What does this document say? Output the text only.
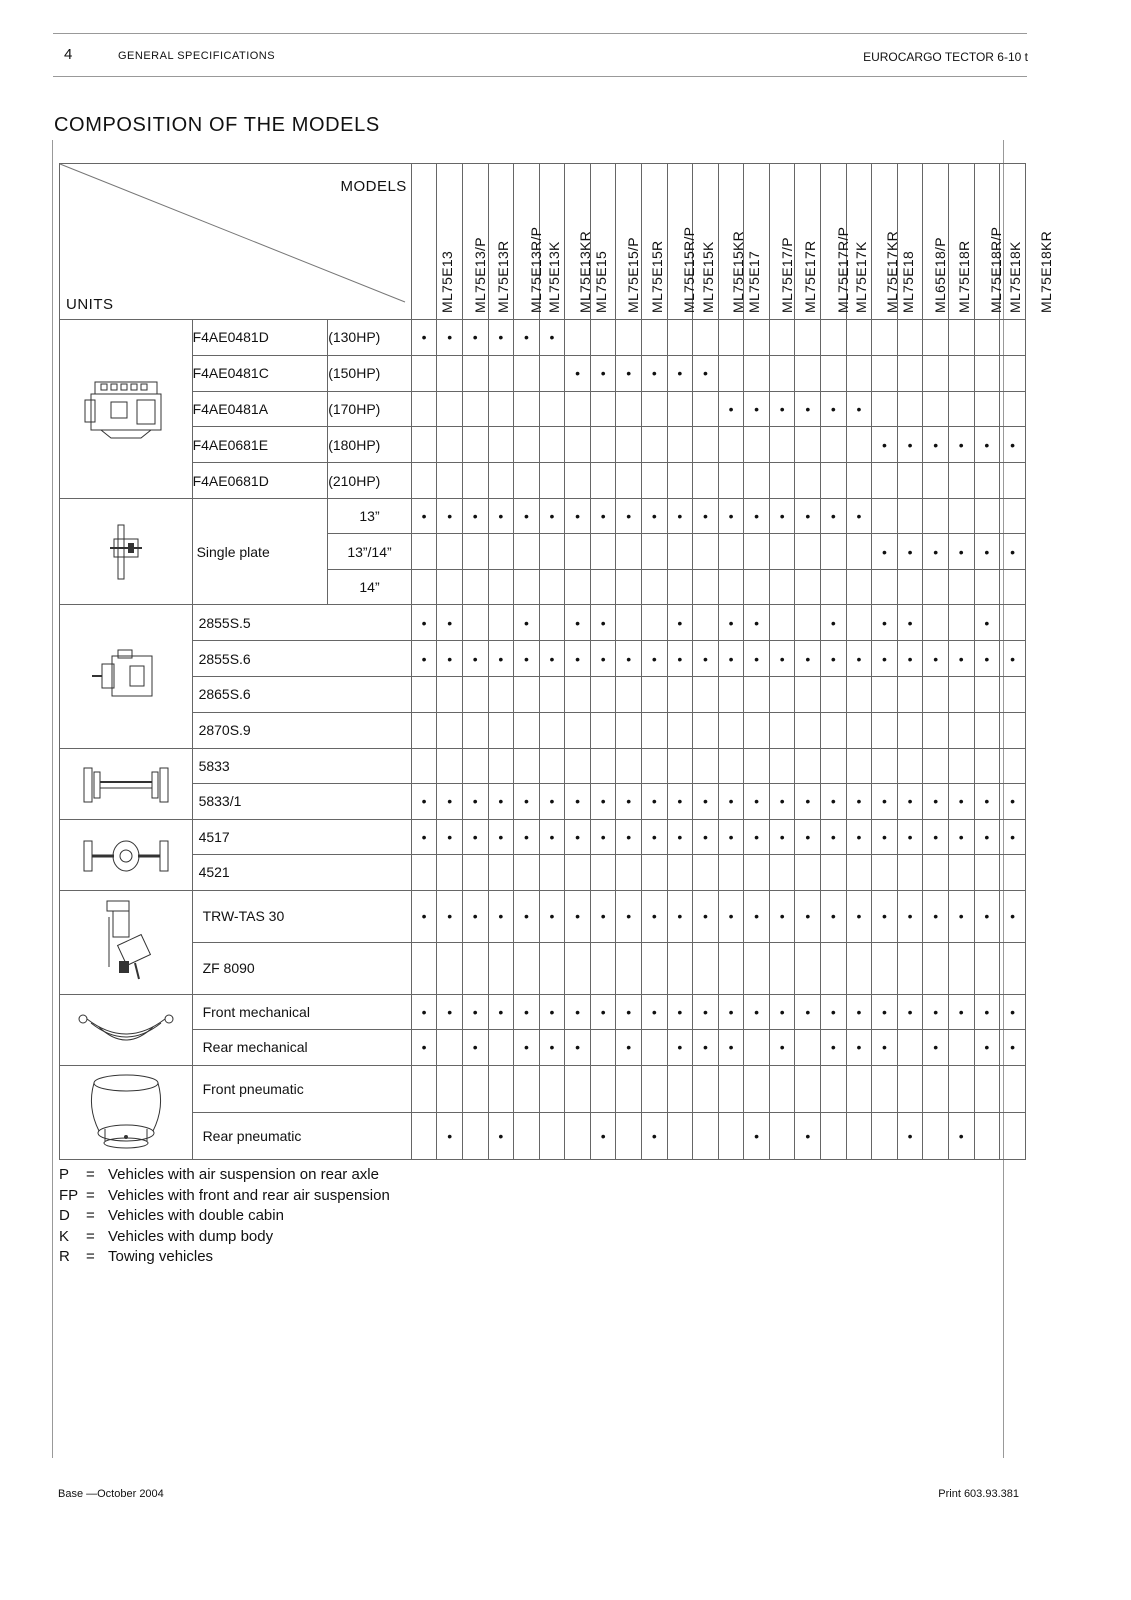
4	GENERAL SPECIFICATIONS	EUROCARGO TECTOR 6-10 t
COMPOSITION OF THE MODELS
MODELS
UNITS			ML75E13	ML75E13/P	ML75E13R	ML75E13R/P	ML75E13K	ML75E13KR	ML75E15	ML75E15/P	ML75E15R	ML75E15R/P	ML75E15K	ML75E15KR	ML75E17	ML75E17/P	ML75E17R	ML75E17R/P	ML75E17K	ML75E17KR	ML75E18	ML65E18/P	ML75E18R	ML75E18R/P	ML75E18K	ML75E18KR

	F4AE0481D	(130HP)	•	•	•	•	•	•																		
	F4AE0481C	(150HP)							•	•	•	•	•	•												
	F4AE0481A	(170HP)													•	•	•	•	•	•						
	F4AE0681E	(180HP)																			•	•	•	•	•	•
	F4AE0681D	(210HP)																								

	Single plate	13”	•	•	•	•	•	•	•	•	•	•	•	•	•	•	•	•	•	•						
		13”/14”																			•	•	•	•	•	•
		14”																								

	2855S.5		•	•			•		•	•			•		•	•			•		•	•			•	
	2855S.6		•	•	•	•	•	•	•	•	•	•	•	•	•	•	•	•	•	•	•	•	•	•	•	•
	2865S.6																									
	2870S.9																									

	5833																									
	5833/1		•	•	•	•	•	•	•	•	•	•	•	•	•	•	•	•	•	•	•	•	•	•	•	•

	4517		•	•	•	•	•	•	•	•	•	•	•	•	•	•	•	•	•	•	•	•	•	•	•	•
	4521																									

	TRW-TAS 30		•	•	•	•	•	•	•	•	•	•	•	•	•	•	•	•	•	•	•	•	•	•	•	•
	ZF 8090																									

	Front mechanical		•	•	•	•	•	•	•	•	•	•	•	•	•	•	•	•	•	•	•	•	•	•	•	•
	Rear mechanical		•		•		•	•	•		•		•	•	•		•		•	•	•		•		•	•

	Front pneumatic																									
	Rear pneumatic			•		•				•		•				•		•				•		•		
P	= Vehicles with air suspension on rear axle
FP = Vehicles with front and rear air suspension
D	= Vehicles with double cabin
K	= Vehicles with dump body
R	= Towing vehicles
Base —October 2004	Print 603.93.381
